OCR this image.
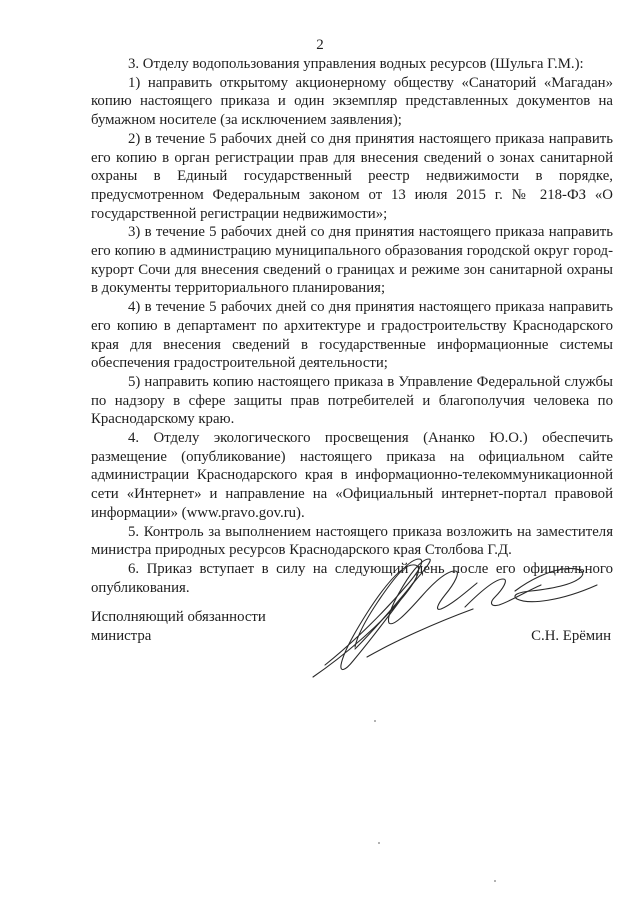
2

3. Отделу водопользования управления водных ресурсов (Шульга Г.М.):

1) направить открытому акционерному обществу «Санаторий «Магадан» копию настоящего приказа и один экземпляр представленных документов на бумажном носителе (за исключением заявления);

2) в течение 5 рабочих дней со дня принятия настоящего приказа направить его копию в орган регистрации прав для внесения сведений о зонах санитарной охраны в Единый государственный реестр недвижимости в порядке, предусмотренном Федеральным законом от 13 июля 2015 г. № 218-ФЗ «О государственной регистрации недвижимости»;

3) в течение 5 рабочих дней со дня принятия настоящего приказа направить его копию в администрацию муниципального образования городской округ город-курорт Сочи для внесения сведений о границах и режиме зон санитарной охраны в документы территориального планирования;

4) в течение 5 рабочих дней со дня принятия настоящего приказа направить его копию в департамент по архитектуре и градостроительству Краснодарского края для внесения сведений в государственные информационные системы обеспечения градостроительной деятельности;

5) направить копию настоящего приказа в Управление Федеральной службы по надзору в сфере защиты прав потребителей и благополучия человека по Краснодарскому краю.

4. Отделу экологического просвещения (Ананко Ю.О.) обеспечить размещение (опубликование) настоящего приказа на официальном сайте администрации Краснодарского края в информационно-телекоммуникационной сети «Интернет» и направление на «Официальный интернет-портал правовой информации» (www.pravo.gov.ru).

5. Контроль за выполнением настоящего приказа возложить на заместителя министра природных ресурсов Краснодарского края Столбова Г.Д.

6. Приказ вступает в силу на следующий день после его официального опубликования.

Исполняющий обязанности
министра	С.Н. Ерёмин
